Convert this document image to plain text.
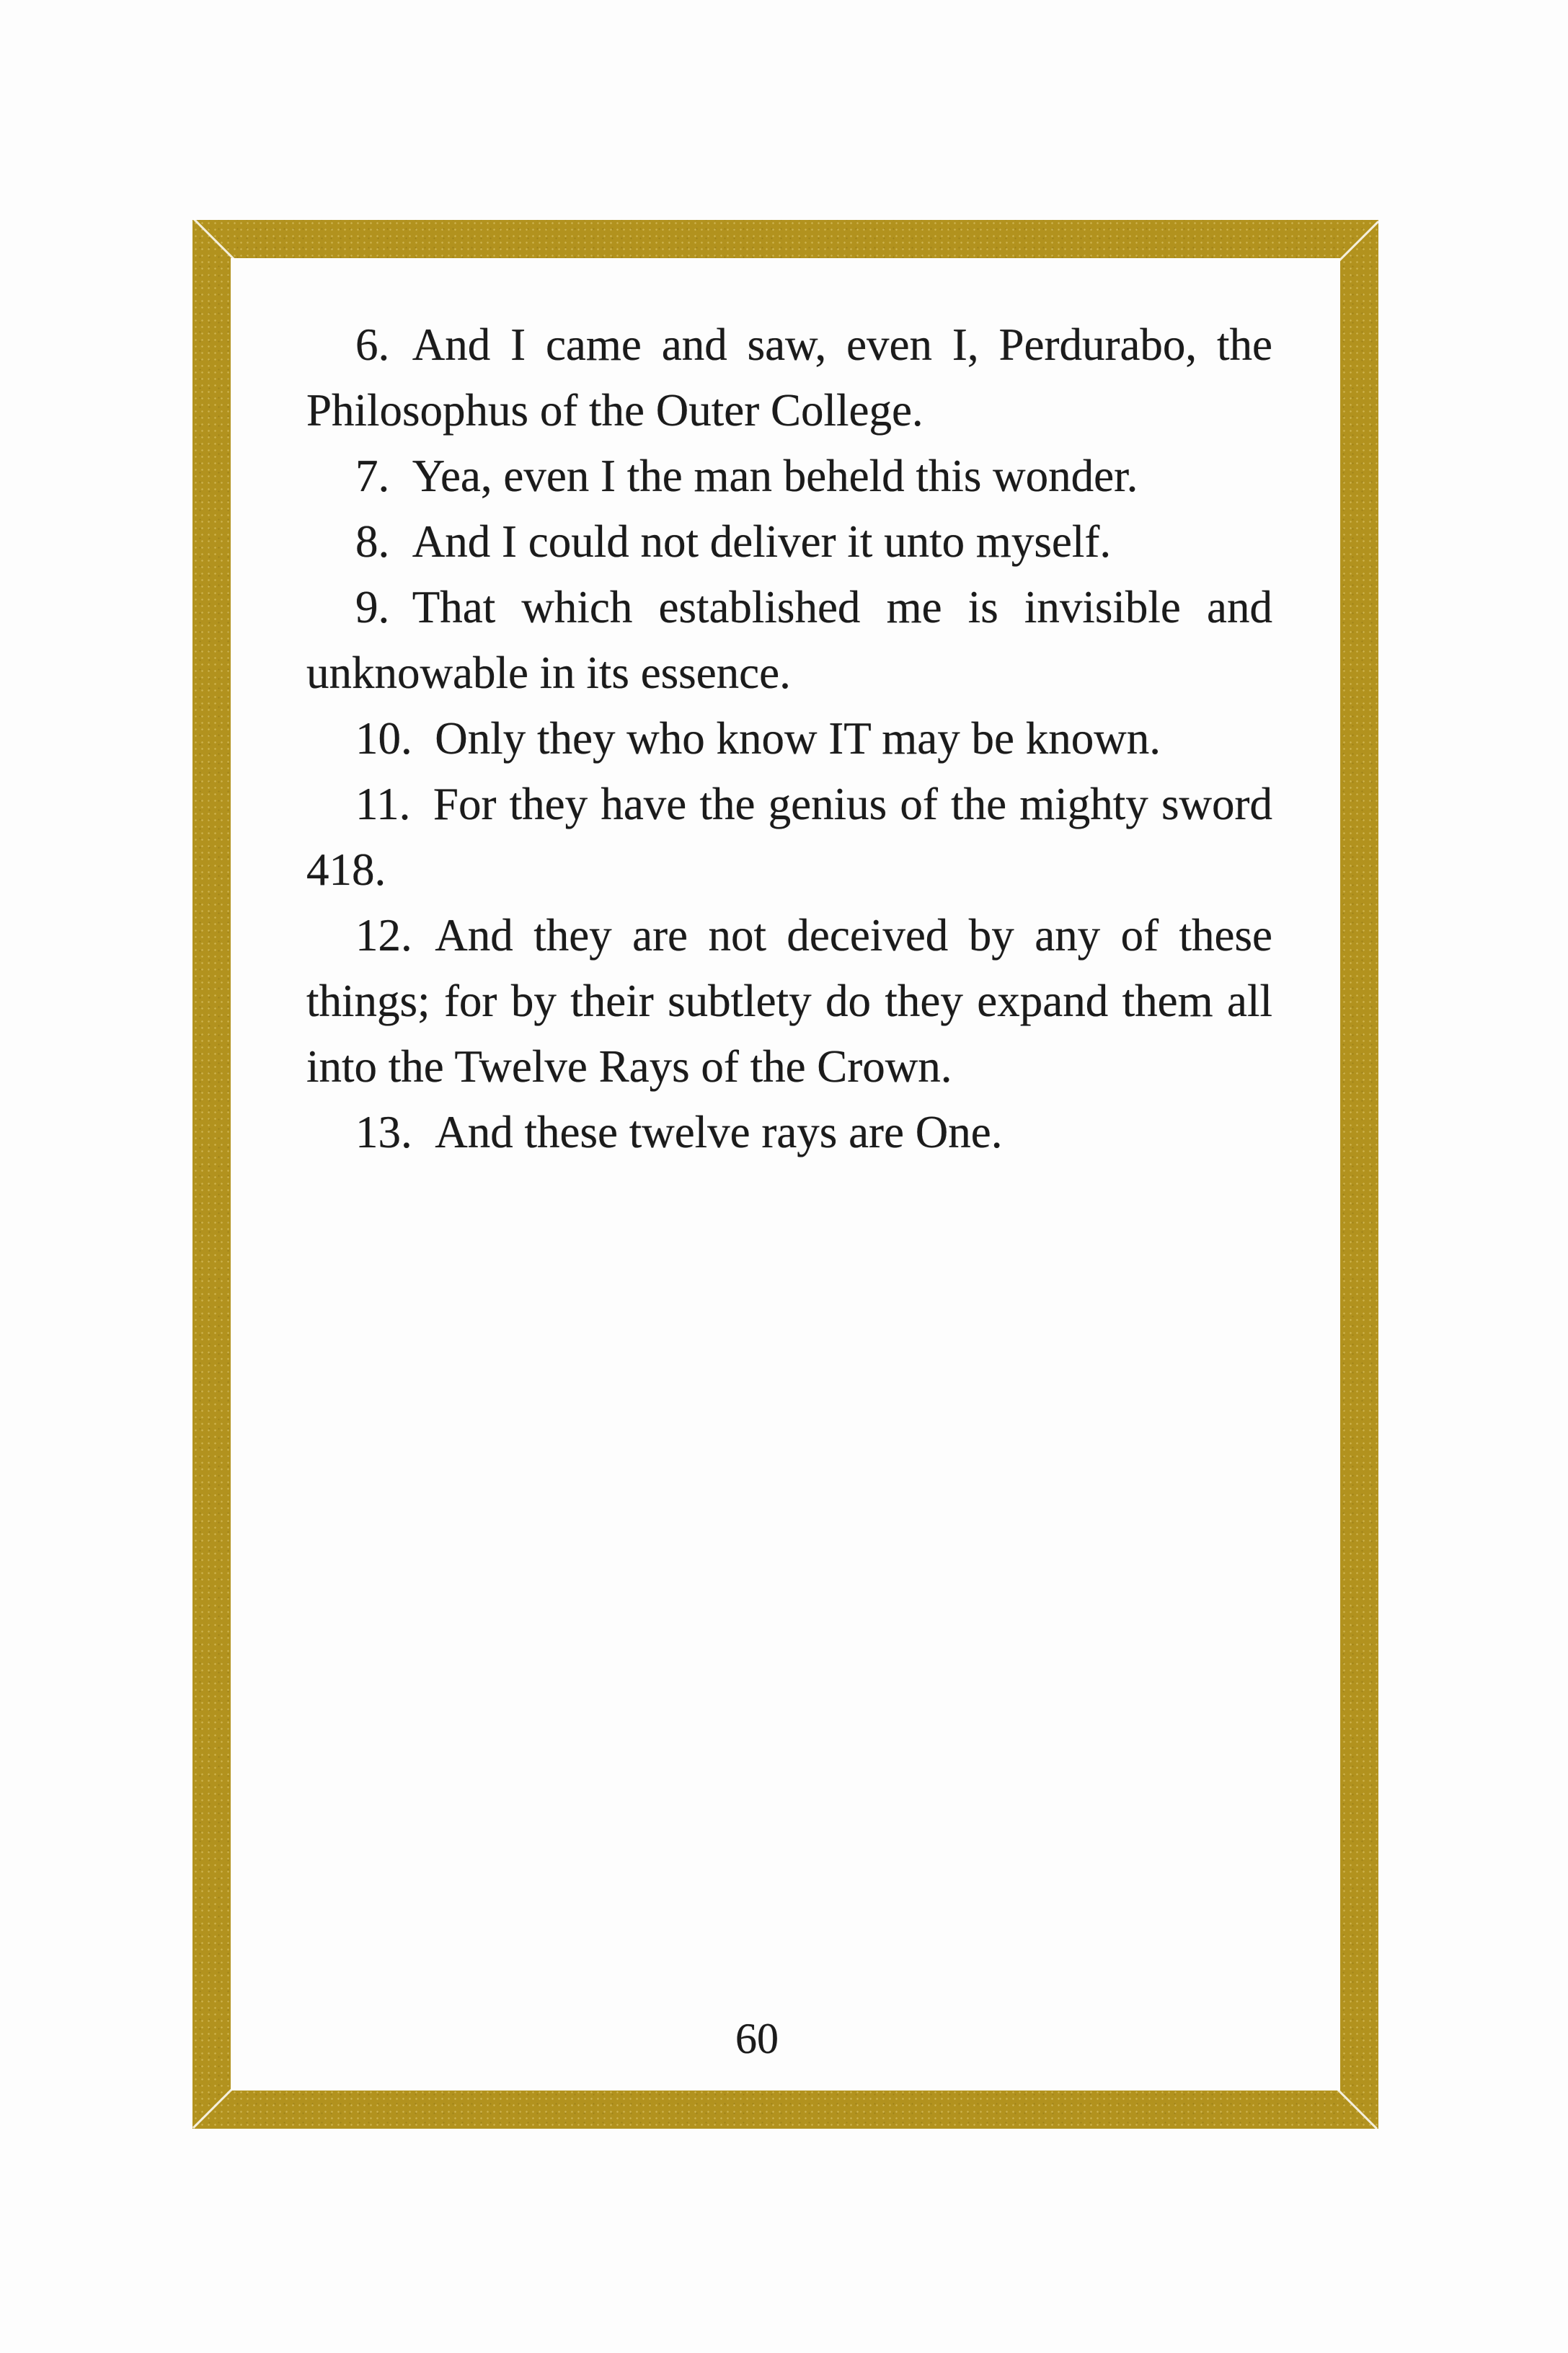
6. And I came and saw, even I, Perdurabo, the Philosophus of the Outer College.

7. Yea, even I the man beheld this wonder.

8. And I could not deliver it unto myself.

9. That which established me is invisible and unknowable in its essence.

10. Only they who know IT may be known.

11. For they have the genius of the mighty sword 418.

12. And they are not deceived by any of these things; for by their subtlety do they expand them all into the Twelve Rays of the Crown.

13. And these twelve rays are One.

60
